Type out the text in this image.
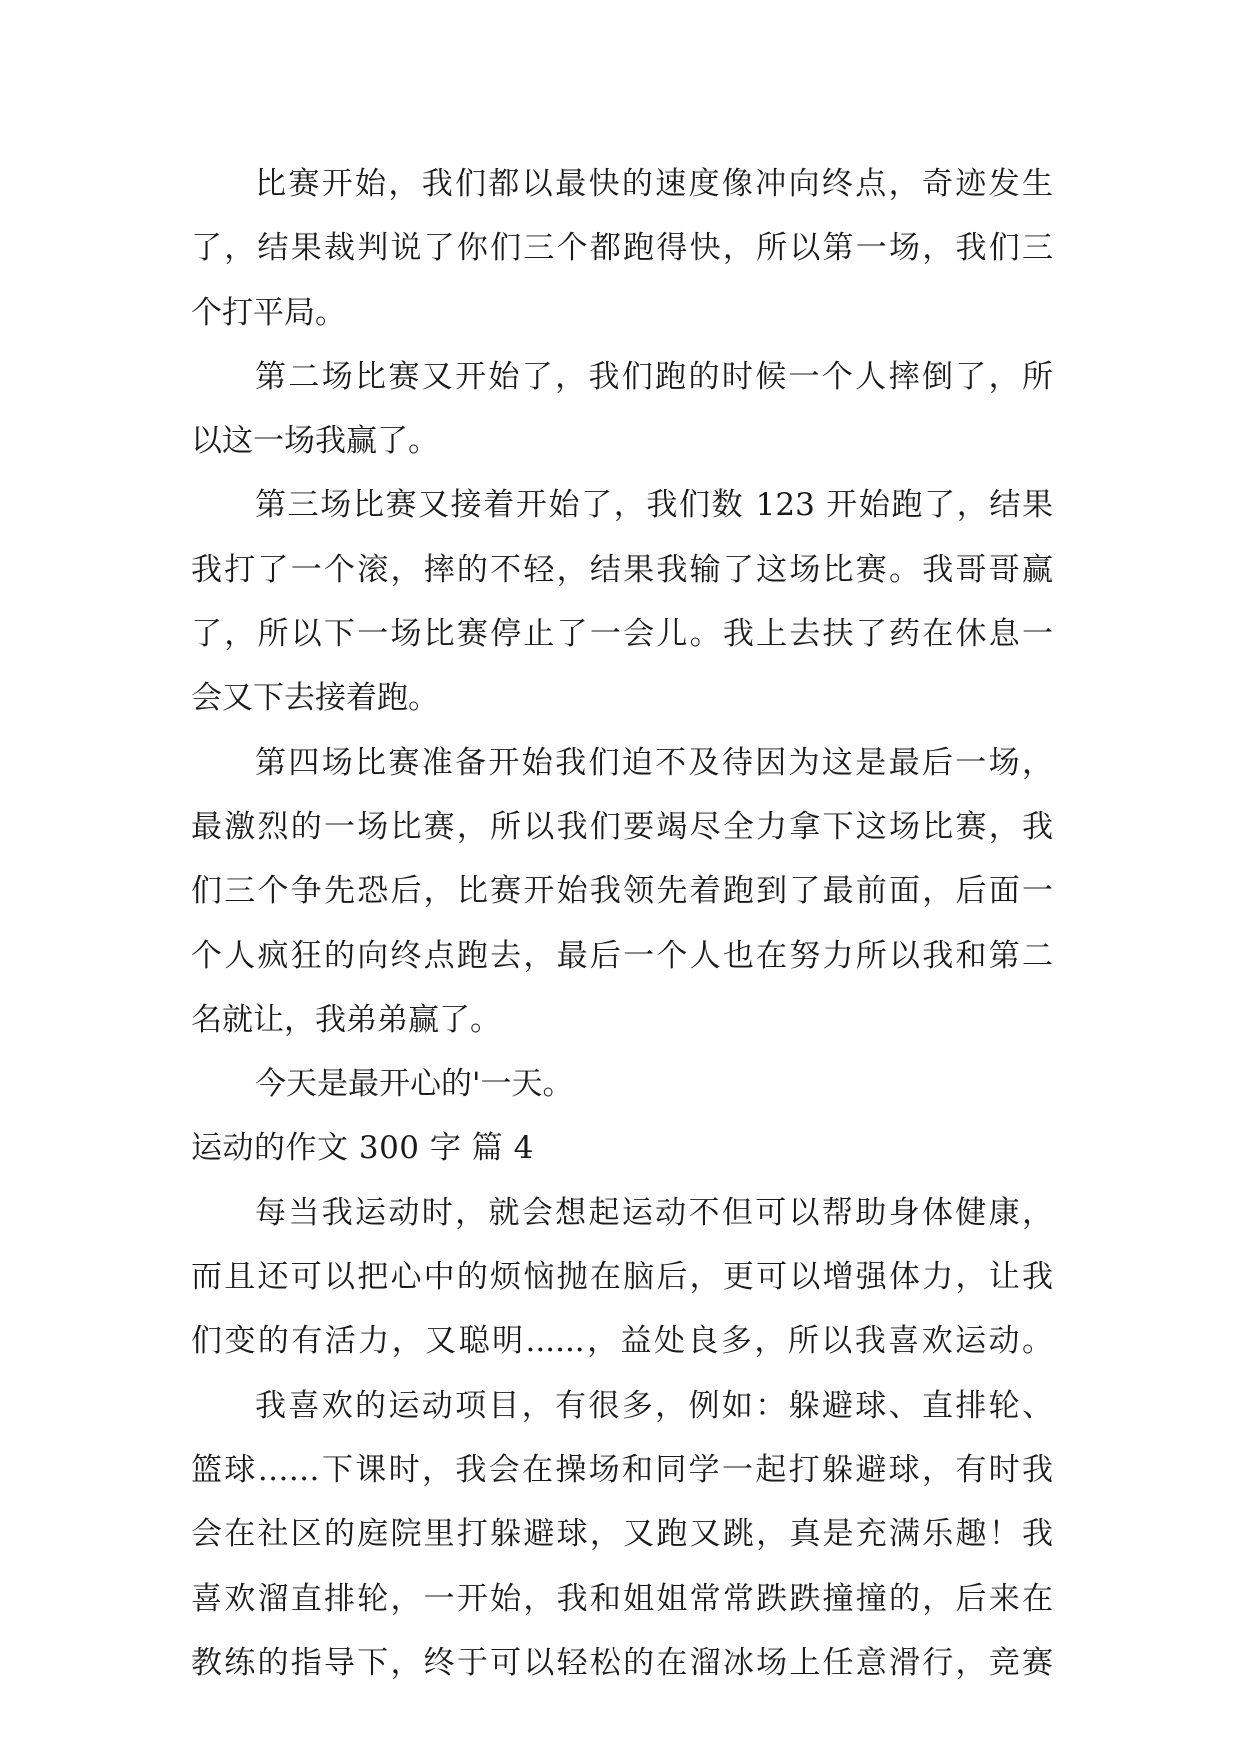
比赛开始，我们都以最快的速度像冲向终点，奇迹发生
了，结果裁判说了你们三个都跑得快，所以第一场，我们三
个打平局。
第二场比赛又开始了，我们跑的时候一个人摔倒了，所
以这一场我赢了。
第三场比赛又接着开始了，我们数 123 开始跑了，结果
我打了一个滚，摔的不轻，结果我输了这场比赛。我哥哥赢
了，所以下一场比赛停止了一会儿。我上去扶了药在休息一
会又下去接着跑。
第四场比赛准备开始我们迫不及待因为这是最后一场，
最激烈的一场比赛，所以我们要竭尽全力拿下这场比赛，我
们三个争先恐后，比赛开始我领先着跑到了最前面，后面一
个人疯狂的向终点跑去，最后一个人也在努力所以我和第二
名就让，我弟弟赢了。
今天是最开心的'一天。
运动的作文 300 字 篇 4
每当我运动时，就会想起运动不但可以帮助身体健康，
而且还可以把心中的烦恼抛在脑后，更可以增强体力，让我
们变的有活力，又聪明......，益处良多，所以我喜欢运动。
我喜欢的运动项目，有很多，例如：躲避球、直排轮、
篮球……下课时，我会在操场和同学一起打躲避球，有时我
会在社区的庭院里打躲避球，又跑又跳，真是充满乐趣！我
喜欢溜直排轮，一开始，我和姐姐常常跌跌撞撞的，后来在
教练的指导下，终于可以轻松的在溜冰场上任意滑行，竞赛
